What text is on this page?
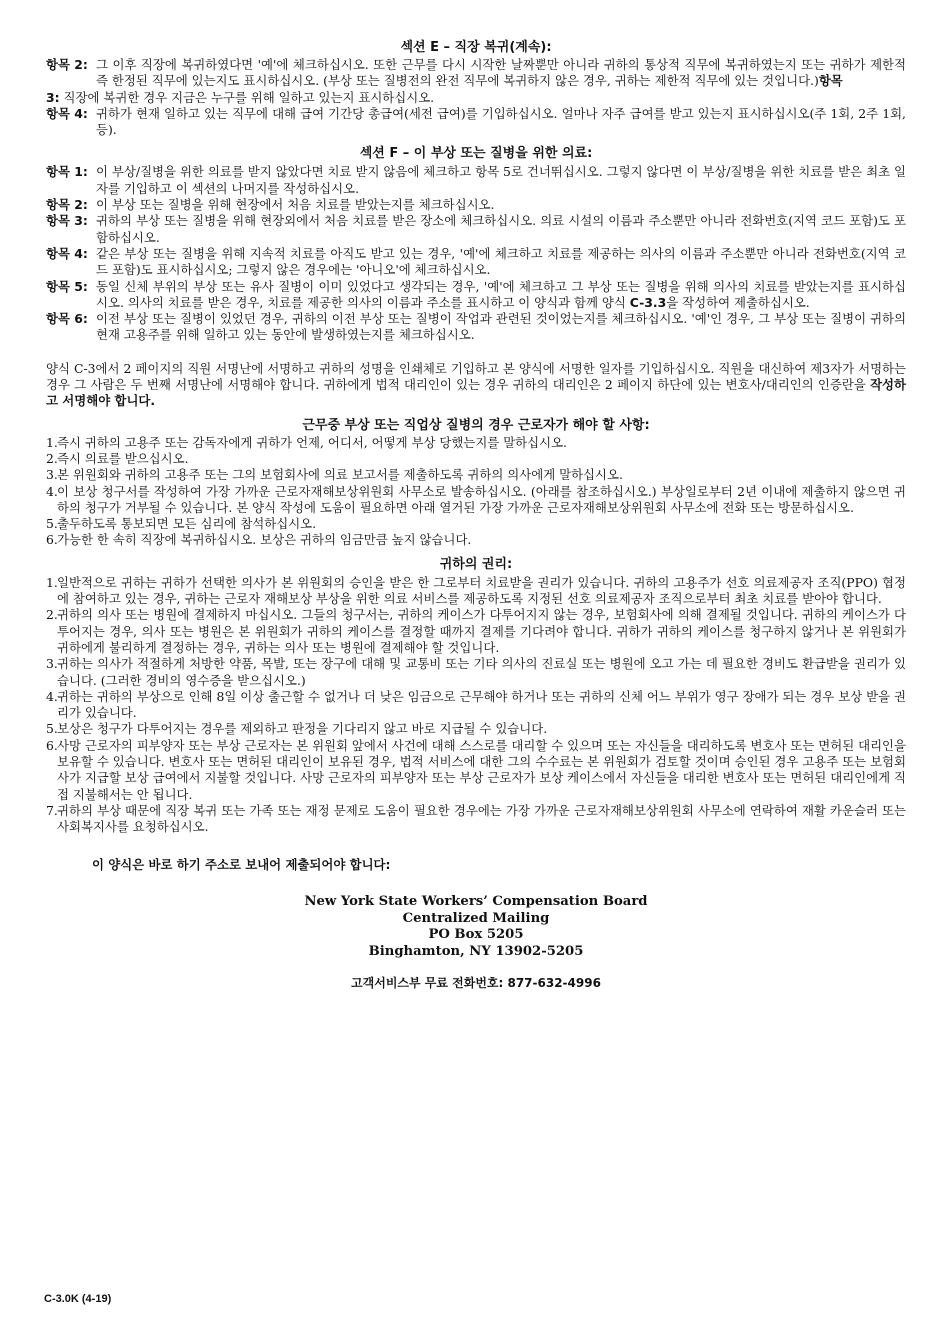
섹션 E – 직장 복귀(계속):
항목 2: 그 이후 직장에 복귀하였다면 '예'에 체크하십시오. 또한 근무를 다시 시작한 날짜뿐만 아니라 귀하의 통상적 직무에 복귀하였는지 또는 귀하가 제한적 즉 한정된 직무에 있는지도 표시하십시오. (부상 또는 질병전의 완전 직무에 복귀하지 않은 경우, 귀하는 제한적 직무에 있는 것입니다.)항목
3: 직장에 복귀한 경우 지금은 누구를 위해 일하고 있는지 표시하십시오.
항목 4: 귀하가 현재 일하고 있는 직무에 대해 급여 기간당 총급여(세전 급여)를 기입하십시오. 얼마나 자주 급여를 받고 있는지 표시하십시오(주 1회, 2주 1회, 등).
섹션 F – 이 부상 또는 질병을 위한 의료:
항목 1: 이 부상/질병을 위한 의료를 받지 않았다면 치료 받지 않음에 체크하고 항목 5로 건너뛰십시오. 그렇지 않다면 이 부상/질병을 위한 치료를 받은 최초 일자를 기입하고 이 섹션의 나머지를 작성하십시오.
항목 2: 이 부상 또는 질병을 위해 현장에서 처음 치료를 받았는지를 체크하십시오.
항목 3: 귀하의 부상 또는 질병을 위해 현장외에서 처음 치료를 받은 장소에 체크하십시오. 의료 시설의 이름과 주소뿐만 아니라 전화번호(지역 코드 포함)도 포함하십시오.
항목 4: 같은 부상 또는 질병을 위해 지속적 치료를 아직도 받고 있는 경우, '예'에 체크하고 치료를 제공하는 의사의 이름과 주소뿐만 아니라 전화번호(지역 코드 포함)도 표시하십시오; 그렇지 않은 경우에는 '아니오'에 체크하십시오.
항목 5: 동일 신체 부위의 부상 또는 유사 질병이 이미 있었다고 생각되는 경우, '예'에 체크하고 그 부상 또는 질병을 위해 의사의 치료를 받았는지를 표시하십시오. 의사의 치료를 받은 경우, 치료를 제공한 의사의 이름과 주소를 표시하고 이 양식과 함께 양식 C-3.3을 작성하여 제출하십시오.
항목 6: 이전 부상 또는 질병이 있었던 경우, 귀하의 이전 부상 또는 질병이 작업과 관련된 것이었는지를 체크하십시오. '예'인 경우, 그 부상 또는 질병이 귀하의 현재 고용주를 위해 일하고 있는 동안에 발생하였는지를 체크하십시오.
양식 C-3에서 2 페이지의 직원 서명난에 서명하고 귀하의 성명을 인쇄체로 기입하고 본 양식에 서명한 일자를 기입하십시오. 직원을 대신하여 제3자가 서명하는 경우 그 사람은 두 번째 서명난에 서명해야 합니다. 귀하에게 법적 대리인이 있는 경우 귀하의 대리인은 2 페이지 하단에 있는 변호사/대리인의 인증란을 작성하고 서명해야 합니다.
근무중 부상 또는 직업상 질병의 경우 근로자가 해야 할 사항:
1. 즉시 귀하의 고용주 또는 감독자에게 귀하가 언제, 어디서, 어떻게 부상 당했는지를 말하십시오.
2. 즉시 의료를 받으십시오.
3. 본 위원회와 귀하의 고용주 또는 그의 보험회사에 의료 보고서를 제출하도록 귀하의 의사에게 말하십시오.
4. 이 보상 청구서를 작성하여 가장 가까운 근로자재해보상위원회 사무소로 발송하십시오. (아래를 참조하십시오.) 부상일로부터 2년 이내에 제출하지 않으면 귀하의 청구가 거부될 수 있습니다. 본 양식 작성에 도움이 필요하면 아래 열거된 가장 가까운 근로자재해보상위원회 사무소에 전화 또는 방문하십시오.
5. 출두하도록 통보되면 모든 심리에 참석하십시오.
6. 가능한 한 속히 직장에 복귀하십시오. 보상은 귀하의 임금만큼 높지 않습니다.
귀하의 권리:
1. 일반적으로 귀하는 귀하가 선택한 의사가 본 위원회의 승인을 받은 한 그로부터 치료받을 권리가 있습니다. 귀하의 고용주가 선호 의료제공자 조직(PPO) 협정에 참여하고 있는 경우, 귀하는 근로자 재해보상 부상을 위한 의료 서비스를 제공하도록 지정된 선호 의료제공자 조직으로부터 최초 치료를 받아야 합니다.
2. 귀하의 의사 또는 병원에 결제하지 마십시오. 그들의 청구서는, 귀하의 케이스가 다투어지지 않는 경우, 보험회사에 의해 결제될 것입니다. 귀하의 케이스가 다투어지는 경우, 의사 또는 병원은 본 위원회가 귀하의 케이스를 결정할 때까지 결제를 기다려야 합니다. 귀하가 귀하의 케이스를 청구하지 않거나 본 위원회가 귀하에게 불리하게 결정하는 경우, 귀하는 의사 또는 병원에 결제해야 할 것입니다.
3. 귀하는 의사가 적절하게 처방한 약품, 목발, 또는 장구에 대해 및 교통비 또는 기타 의사의 진료실 또는 병원에 오고 가는 데 필요한 경비도 환급받을 권리가 있습니다. (그러한 경비의 영수증을 받으십시오.)
4. 귀하는 귀하의 부상으로 인해 8일 이상 출근할 수 없거나 더 낮은 임금으로 근무해야 하거나 또는 귀하의 신체 어느 부위가 영구 장애가 되는 경우 보상 받을 권리가 있습니다.
5. 보상은 청구가 다투어지는 경우를 제외하고 판정을 기다리지 않고 바로 지급될 수 있습니다.
6. 사망 근로자의 피부양자 또는 부상 근로자는 본 위원회 앞에서 사건에 대해 스스로를 대리할 수 있으며 또는 자신들을 대리하도록 변호사 또는 면허된 대리인을 보유할 수 있습니다. 변호사 또는 면허된 대리인이 보유된 경우, 법적 서비스에 대한 그의 수수료는 본 위원회가 검토할 것이며 승인된 경우 고용주 또는 보험회사가 지급할 보상 급여에서 지불할 것입니다. 사망 근로자의 피부양자 또는 부상 근로자가 보상 케이스에서 자신들을 대리한 변호사 또는 면허된 대리인에게 직접 지불해서는 안 됩니다.
7. 귀하의 부상 때문에 직장 복귀 또는 가족 또는 재정 문제로 도움이 필요한 경우에는 가장 가까운 근로자재해보상위원회 사무소에 연락하여 재활 카운슬러 또는 사회복지사를 요청하십시오.
이 양식은 바로 하기 주소로 보내어 제출되어야 합니다:
New York State Workers’ Compensation Board
Centralized Mailing
PO Box 5205
Binghamton, NY 13902-5205
고객서비스부 무료 전화번호: 877-632-4996
C-3.0K (4-19)
